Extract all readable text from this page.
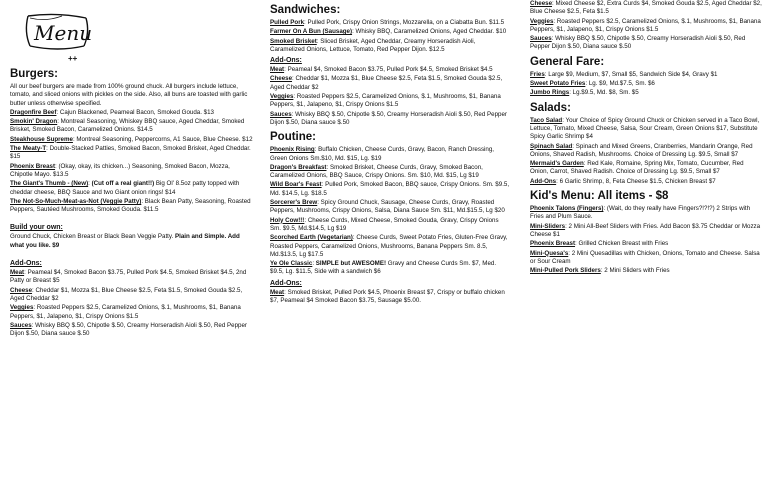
Menu
++
Burgers:
All our beef burgers are made from 100% ground chuck. All burgers include lettuce, tomato, and sliced onions with pickles on the side. Also, all buns are toasted with garlic butter unless otherwise specified.
Dragonfire Beef: Cajun Blackened, Peameal Bacon, Smoked Gouda. $13
Smokin' Dragon: Montreal Seasoning, Whiskey BBQ sauce, Aged Cheddar, Smoked Brisket, Smoked Bacon, Caramelized Onions. $14.5
Steakhouse Supreme: Montreal Seasoning, Peppercorns, A1 Sauce, Blue Cheese. $12
The Meaty-T: Double-Stacked Patties, Smoked Bacon, Smoked Brisket, Aged Cheddar. $15
Phoenix Breast: (Okay, okay, its chicken...) Seasoning, Smoked Bacon, Mozza, Chipotle Mayo. $13.5
The Giant's Thumb - (New): (Cut off a real giant!!) Big Ol' 8.5oz patty topped with cheddar cheese, BBQ Sauce and two Giant onion rings! $14
The Not-So-Much-Meat-as-Not (Veggie Patty): Black Bean Patty, Seasoning, Roasted Peppers, Sautéed Mushrooms, Smoked Gouda. $11.5
Build your own:
Ground Chuck, Chicken Breast or Black Bean Veggie Patty. Plain and Simple. Add what you like. $9
Add-Ons:
Meat: Peameal $4, Smoked Bacon $3.75, Pulled Pork $4.5, Smoked Brisket $4.5, 2nd Patty or Breast $5
Cheese: Cheddar $1, Mozza $1, Blue Cheese $2.5, Feta $1.5, Smoked Gouda $2.5, Aged Cheddar $2
Veggies: Roasted Peppers $2.5, Caramelized Onions, $.1, Mushrooms, $1, Banana Peppers, $1, Jalapeno, $1, Crispy Onions $1.5
Sauces: Whisky BBQ $.50, Chipotle $.50, Creamy Horseradish Aioli $.50, Red Pepper Dijon $.50, Diana sauce $.50
Sandwiches:
Pulled Pork: Pulled Pork, Crispy Onion Strings, Mozzarella, on a Ciabatta Bun. $11.5
Farmer On A Bun (Sausage): Whisky BBQ, Caramelized Onions, Aged Cheddar. $10
Smoked Brisket: Sliced Brisket, Aged Cheddar, Creamy Horseradish Aioli, Caramelized Onions, Lettuce, Tomato, Red Pepper Dijon. $12.5
Add-Ons:
Meat: Peameal $4, Smoked Bacon $3.75, Pulled Pork $4.5, Smoked Brisket $4.5
Cheese: Cheddar $1, Mozza $1, Blue Cheese $2.5, Feta $1.5, Smoked Gouda $2.5, Aged Cheddar $2
Veggies: Roasted Peppers $2.5, Caramelized Onions, $.1, Mushrooms, $1, Banana Peppers, $1, Jalapeno, $1, Crispy Onions $1.5
Sauces: Whisky BBQ $.50, Chipotle $.50, Creamy Horseradish Aioli $.50, Red Pepper Dijon $.50, Diana sauce $.50
Poutine:
Phoenix Rising: Buffalo Chicken, Cheese Curds, Gravy, Bacon, Ranch Dressing, Green Onions Sm.$10, Md. $15, Lg. $19
Dragon's Breakfast: Smoked Brisket, Cheese Curds, Gravy, Smoked Bacon, Caramelized Onions, BBQ Sauce, Crispy Onions. Sm. $10, Md. $15, Lg $19
Wild Boar's Feast: Pulled Pork, Smoked Bacon, BBQ sauce, Crispy Onions. Sm. $9.5, Md. $14.5, Lg. $18.5
Sorcerer's Brew: Spicy Ground Chuck, Sausage, Cheese Curds, Gravy, Roasted Peppers, Mushrooms, Crispy Onions, Salsa, Diana Sauce Sm. $11, Md.$15.5, Lg $20
Holy Cow!!!: Cheese Curds, Mixed Cheese, Smoked Gouda, Gravy, Crispy Onions Sm. $9.5, Md.$14.5, Lg $19
Scorched Earth (Vegetarian): Cheese Curds, Sweet Potato Fries, Gluten-Free Gravy, Roasted Peppers, Caramelized Onions, Mushrooms, Banana Peppers Sm. 8.5, Md.$13.5, Lg $17.5
Ye Ole Classic: SIMPLE but AWESOME! Gravy and Cheese Curds Sm. $7, Med. $9.5, Lg. $11.5, Side with a sandwich $6
Add-Ons:
Meat: Smoked Brisket, Pulled Pork $4.5, Phoenix Breast $7, Crispy or buffalo chicken $7, Peameal $4 Smoked Bacon $3.75, Sausage $5.00.
Cheese: Mixed Cheese $2, Extra Curds $4, Smoked Gouda $2.5, Aged Cheddar $2, Blue Cheese $2.5, Feta $1.5
Veggies: Roasted Peppers $2.5, Caramelized Onions, $.1, Mushrooms, $1, Banana Peppers, $1, Jalapeno, $1, Crispy Onions $1.5
Sauces: Whisky BBQ $.50, Chipotle $.50, Creamy Horseradish Aioli $.50, Red Pepper Dijon $.50, Diana sauce $.50
General Fare:
Fries: Large $9, Medium, $7, Small $5, Sandwich Side $4, Gravy $1
Sweet Potato Fries: Lg. $9, Md.$7.5, Sm. $6
Jumbo Rings: Lg.$9.5, Md. $8, Sm. $5
Salads:
Taco Salad: Your Choice of Spicy Ground Chuck or Chicken served in a Taco Bowl, Lettuce, Tomato, Mixed Cheese, Salsa, Sour Cream, Green Onions $17, Substitute Spicy Garlic Shrimp $4
Spinach Salad: Spinach and Mixed Greens, Cranberries, Mandarin Orange, Red Onions, Shaved Radish, Mushrooms. Choice of Dressing Lg. $9.5, Small $7
Mermaid's Garden: Red Kale, Romaine, Spring Mix, Tomato, Cucumber, Red Onion, Carrot, Shaved Radish. Choice of Dressing Lg. $9.5, Small $7
Add-Ons: 6 Garlic Shrimp, 8, Feta Cheese $1.5, Chicken Breast $7
Kid's Menu: All items - $8
Phoenix Talons (Fingers): (Wait, do they really have Fingers?!?!?) 2 Strips with Fries and Plum Sauce.
Mini-Sliders: 2 Mini All-Beef Sliders with Fries. Add Bacon $3.75 Cheddar or Mozza Cheese $1
Phoenix Breast: Grilled Chicken Breast with Fries
Mini-Quesa's: 2 Mini Quesadillas with Chicken, Onions, Tomato and Cheese. Salsa or Sour Cream
Mini-Pulled Pork Sliders: 2 Mini Sliders with Fries
